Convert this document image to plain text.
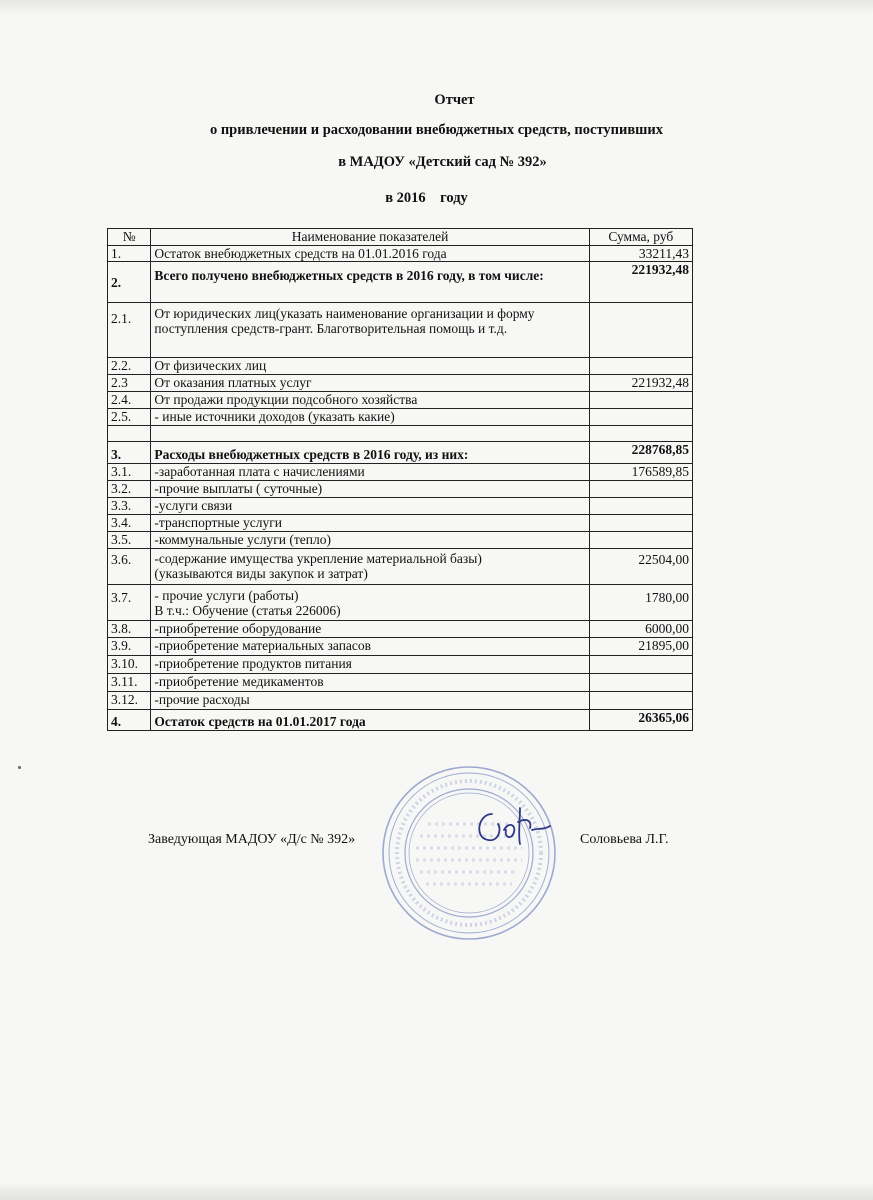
Отчет
о привлечении и расходовании внебюджетных средств, поступивших
в МАДОУ «Детский сад № 392»
в 2016    году
№	Наименование показателей	Сумма, руб
1.	Остаток внебюджетных средств на 01.01.2016 года	33211,43
2.	Всего получено внебюджетных средств в 2016 году, в том числе:	221932,48
2.1.	От юридических лиц(указать наименование организации и форму поступления средств-грант. Благотворительная помощь и т.д.	
2.2.	От физических лиц	
2.3	От оказания платных услуг	221932,48
2.4.	От продажи продукции подсобного хозяйства	
2.5.	- иные источники доходов (указать какие)	

3.	Расходы внебюджетных средств в 2016 году, из них:	228768,85
3.1.	-заработанная плата с начислениями	176589,85
3.2.	-прочие выплаты ( суточные)	
3.3.	-услуги связи	
3.4.	-транспортные услуги	
3.5.	-коммунальные услуги (тепло)	
3.6.	-содержание имущества укрепление материальной базы)
(указываются виды закупок и затрат)	22504,00
3.7.	- прочие услуги (работы)
В т.ч.: Обучение (статья 226006)	1780,00
3.8.	-приобретение оборудование	6000,00
3.9.	-приобретение материальных запасов	21895,00
3.10.	-приобретение продуктов питания	
3.11.	-приобретение медикаментов	
3.12.	-прочие расходы	
4.	Остаток средств на 01.01.2017 года	26365,06
Заведующая МАДОУ «Д/с № 392»	Соловьева Л.Г.
